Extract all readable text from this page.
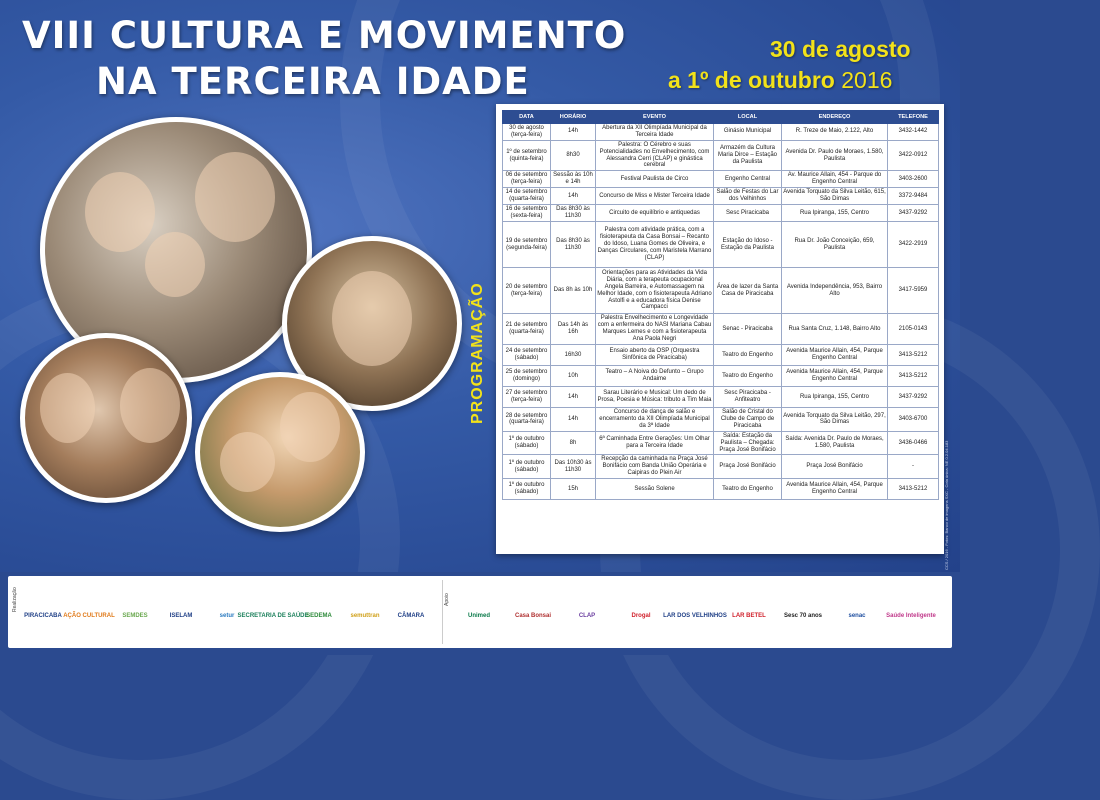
VIII CULTURA E MOVIMENTO
NA TERCEIRA IDADE
30 de agosto
a 1º de outubro 2016
PROGRAMAÇÃO
DATA	HORÁRIO	EVENTO	LOCAL	ENDEREÇO	TELEFONE
30 de agosto (terça-feira)	14h	Abertura da XII Olimpíada Municipal da Terceira Idade	Ginásio Municipal	R. Treze de Maio, 2.122, Alto	3432-1442
1º de setembro (quinta-feira)	8h30	Palestra: O Cérebro e suas Potencialidades no Envelhecimento, com Alessandra Cerri (CLAP) e ginástica cerebral	Armazém da Cultura Maria Dirce – Estação da Paulista	Avenida Dr. Paulo de Moraes, 1.580, Paulista	3422-0912
06 de setembro (terça-feira)	Sessão às 10h e 14h	Festival Paulista de Circo	Engenho Central	Av. Maurice Allain, 454 - Parque do Engenho Central	3403-2600
14 de setembro (quarta-feira)	14h	Concurso de Miss e Mister Terceira Idade	Salão de Festas do Lar dos Velhinhos	Avenida Torquato da Silva Leitão, 615, São Dimas	3372-9484
16 de setembro (sexta-feira)	Das 8h30 às 11h30	Circuito de equilíbrio e antiquedas	Sesc Piracicaba	Rua Ipiranga, 155, Centro	3437-9292
19 de setembro (segunda-feira)	Das 8h30 às 11h30	Palestra com atividade prática, com a fisioterapeuta da Casa Bonsai – Recanto do Idoso, Luana Gomes de Oliveira, e Danças Circulares, com Maristela Marrano (CLAP)	Estação do Idoso - Estação da Paulista	Rua Dr. João Conceição, 659, Paulista	3422-2919
20 de setembro (terça-feira)	Das 8h às 10h	Orientações para as Atividades da Vida Diária, com a terapeuta ocupacional Angela Barreira, e Automassagem na Melhor Idade, com o fisioterapeuta Adriano Astolfi e a educadora física Denise Campacci	Área de lazer da Santa Casa de Piracicaba	Avenida Independência, 953, Bairro Alto	3417-5959
21 de setembro (quarta-feira)	Das 14h às 16h	Palestra Envelhecimento e Longevidade com a enfermeira do NASI Mariana Cabau Marques Lemes e com a fisioterapeuta Ana Paola Negri	Senac - Piracicaba	Rua Santa Cruz, 1.148, Bairro Alto	2105-0143
24 de setembro (sábado)	16h30	Ensaio aberto da OSP (Orquestra Sinfônica de Piracicaba)	Teatro do Engenho	Avenida Maurice Allain, 454, Parque Engenho Central	3413-5212
25 de setembro (domingo)	10h	Teatro – A Noiva do Defunto – Grupo Andaime	Teatro do Engenho	Avenida Maurice Allain, 454, Parque Engenho Central	3413-5212
27 de setembro (terça-feira)	14h	Sarau Literário e Musical: Um dedo de Prosa, Poesia e Música: tributo a Tim Maia	Sesc Piracicaba - Anfiteatro	Rua Ipiranga, 155, Centro	3437-9292
28 de setembro (quarta-feira)	14h	Concurso de dança de salão e encerramento da XII Olimpíada Municipal da 3ª Idade	Salão de Cristal do Clube de Campo de Piracicaba	Avenida Torquato da Silva Leitão, 297, São Dimas	3403-6700
1º de outubro (sábado)	8h	6ª Caminhada Entre Gerações: Um Olhar para a Terceira Idade	Saída: Estação da Paulista – Chegada: Praça José Bonifácio	Saída: Avenida Dr. Paulo de Moraes, 1.580, Paulista	3436-0466
1º de outubro (sábado)	Das 10h30 às 11h30	Recepção da caminhada na Praça José Bonifácio com Banda União Operária e Caipiras do Plein Air	Praça José Bonifácio	Praça José Bonifácio	-
1º de outubro (sábado)	15h	Sessão Solene	Teatro do Engenho	Avenida Maurice Allain, 454, Parque Engenho Central	3413-5212	CCS / 2016 - Fotos: Banco de imagens SXC - Cota única: NE 0.2.04.183
Realização	Apoio
PIRACICABA AÇÃO CULTURAL SEMDES	ISELAM	setur SECRETARIA DE SAÚDE
SEDEMA	semuttran	CÂMARA	Unimed	Casa Bonsai	CLAP	Drogal LAR DOS VELHINHOS LAR BETEL	Sesc 70 anos	senac	Saúde Inteligente
